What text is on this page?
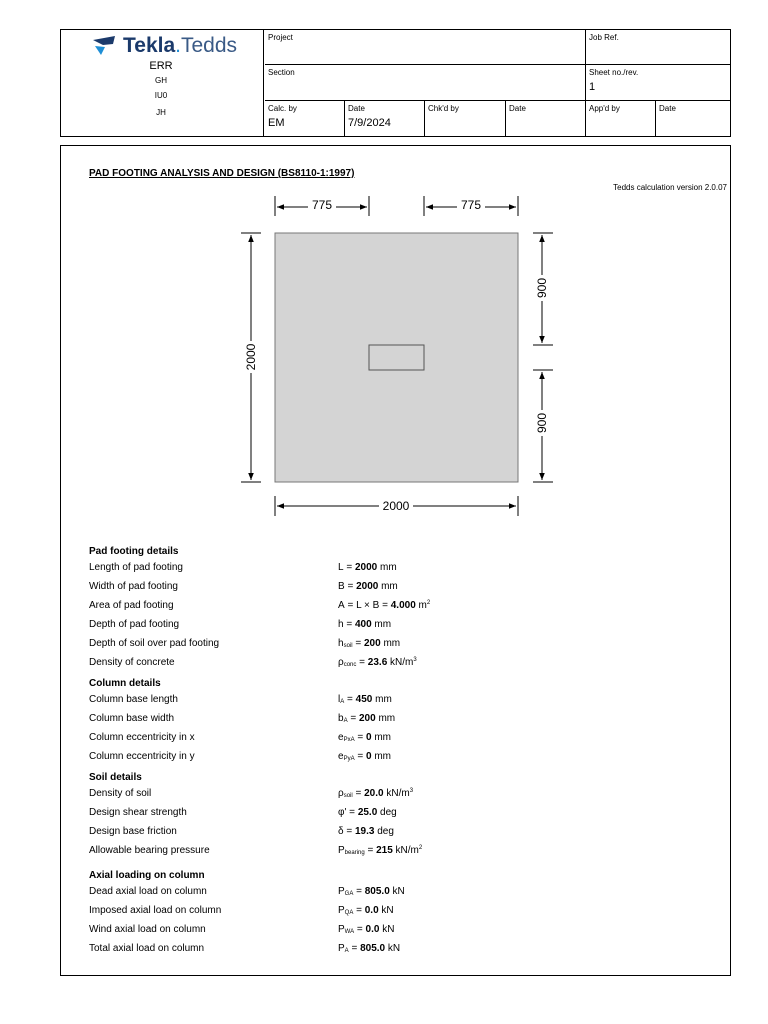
Tekla.Tedds
ERR
GH
IU0
JH
Project	Job Ref.
Section	Sheet no./rev.
1
Calc. by
EM
Date
7/9/2024
Chk'd by	Date	App'd by	Date
PAD FOOTING ANALYSIS AND DESIGN (BS8110-1:1997)
Tedds calculation version 2.0.07
775	775
2000
900
900
2000
Pad footing details
Length of pad footing	L = 2000 mm
Width of pad footing	B = 2000 mm
Area of pad footing	A = L × B = 4.000 $m^2$
Depth of pad footing	h = 400 mm
Depth of soil over pad footing	$h_{soil} = 200$ mm
Density of concrete	$\rho_{conc} = 23.6$ $kN/m^3$
Column details
Column base length	$l_A = 450$ mm
Column base width	$b_A = 200$ mm
Column eccentricity in x	$e_{PxA} = 0$ mm
Column eccentricity in y	$e_{PyA} = 0$ mm
Soil details
Density of soil	$\rho_{soil} = 20.0$ $kN/m^3$
Design shear strength	φ' = 25.0 deg
Design base friction	δ = 19.3 deg
Allowable bearing pressure	$P_{bearing} = 215$ $kN/m^2$
Axial loading on column
Dead axial load on column	$P_{GA} = 805.0$ kN
Imposed axial load on column	$P_{QA} = 0.0$ kN
Wind axial load on column	$P_{WA} = 0.0$ kN
Total axial load on column	$P_A = 805.0$ kN
